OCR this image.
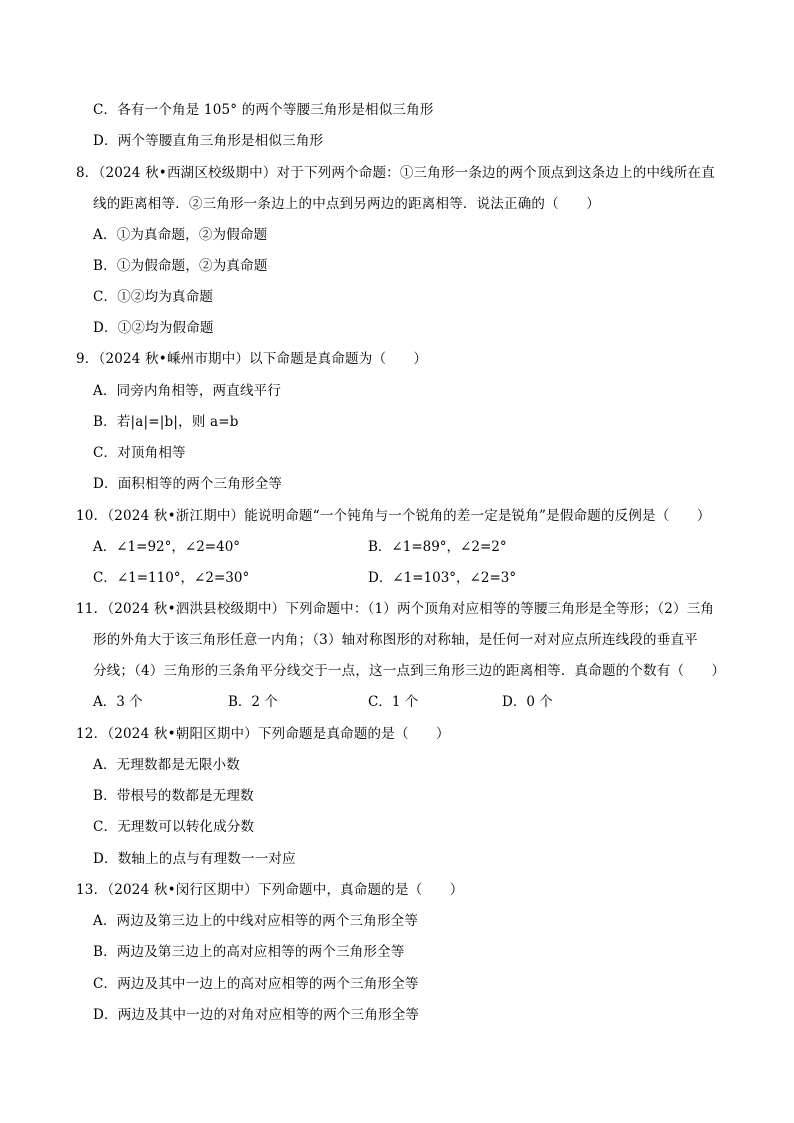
C．各有一个角是 105° 的两个等腰三角形是相似三角形
D．两个等腰直角三角形是相似三角形
8．（2024 秋•西湖区校级期中）对于下列两个命题：①三角形一条边的两个顶点到这条边上的中线所在直
线的距离相等．②三角形一条边上的中点到另两边的距离相等．说法正确的（　　）
A．①为真命题，②为假命题
B．①为假命题，②为真命题
C．①②均为真命题
D．①②均为假命题
9．（2024 秋•嵊州市期中）以下命题是真命题为（　　）
A．同旁内角相等，两直线平行
B．若|a|=|b|，则 a=b
C．对顶角相等
D．面积相等的两个三角形全等
10．（2024 秋•浙江期中）能说明命题“一个钝角与一个锐角的差一定是锐角”是假命题的反例是（　　）
A．∠1=92°，∠2=40°	B．∠1=89°，∠2=2°
C．∠1=110°，∠2=30°	D．∠1=103°，∠2=3°
11．（2024 秋•泗洪县校级期中）下列命题中：（1）两个顶角对应相等的等腰三角形是全等形；（2）三角
形的外角大于该三角形任意一内角；（3）轴对称图形的对称轴，是任何一对对应点所连线段的垂直平
分线；（4）三角形的三条角平分线交于一点，这一点到三角形三边的距离相等．真命题的个数有（　　）
A．3 个	B．2 个	C．1 个	D．0 个
12．（2024 秋•朝阳区期中）下列命题是真命题的是（　　）
A．无理数都是无限小数
B．带根号的数都是无理数
C．无理数可以转化成分数
D．数轴上的点与有理数一一对应
13．（2024 秋•闵行区期中）下列命题中，真命题的是（　　）
A．两边及第三边上的中线对应相等的两个三角形全等
B．两边及第三边上的高对应相等的两个三角形全等
C．两边及其中一边上的高对应相等的两个三角形全等
D．两边及其中一边的对角对应相等的两个三角形全等
